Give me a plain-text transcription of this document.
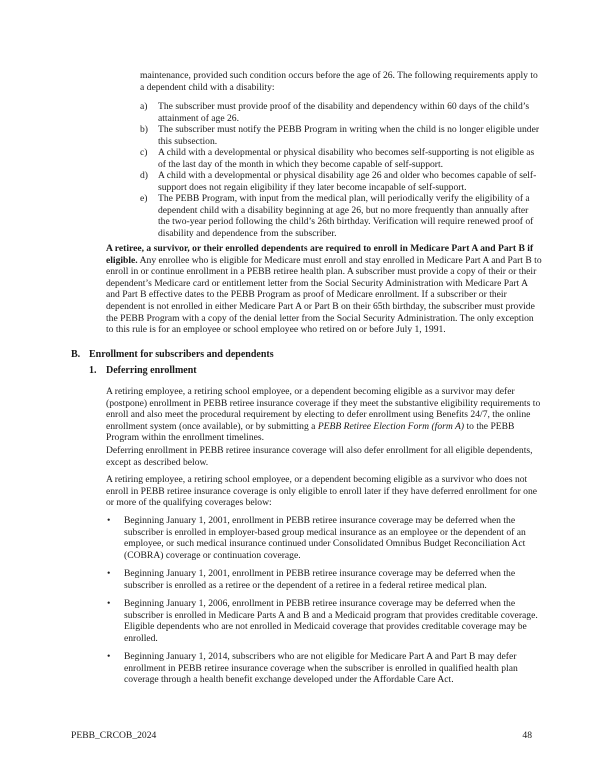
maintenance, provided such condition occurs before the age of 26. The following requirements apply to a dependent child with a disability:

a) The subscriber must provide proof of the disability and dependency within 60 days of the child’s attainment of age 26.
b) The subscriber must notify the PEBB Program in writing when the child is no longer eligible under this subsection.
c) A child with a developmental or physical disability who becomes self-supporting is not eligible as of the last day of the month in which they become capable of self-support.
d) A child with a developmental or physical disability age 26 and older who becomes capable of self-support does not regain eligibility if they later become incapable of self-support.
e) The PEBB Program, with input from the medical plan, will periodically verify the eligibility of a dependent child with a disability beginning at age 26, but no more frequently than annually after the two-year period following the child’s 26th birthday. Verification will require renewed proof of disability and dependence from the subscriber.

A retiree, a survivor, or their enrolled dependents are required to enroll in Medicare Part A and Part B if eligible. Any enrollee who is eligible for Medicare must enroll and stay enrolled in Medicare Part A and Part B to enroll in or continue enrollment in a PEBB retiree health plan. A subscriber must provide a copy of their or their dependent’s Medicare card or entitlement letter from the Social Security Administration with Medicare Part A and Part B effective dates to the PEBB Program as proof of Medicare enrollment. If a subscriber or their dependent is not enrolled in either Medicare Part A or Part B on their 65th birthday, the subscriber must provide the PEBB Program with a copy of the denial letter from the Social Security Administration. The only exception to this rule is for an employee or school employee who retired on or before July 1, 1991.

B. Enrollment for subscribers and dependents
1. Deferring enrollment

A retiring employee, a retiring school employee, or a dependent becoming eligible as a survivor may defer (postpone) enrollment in PEBB retiree insurance coverage if they meet the substantive eligibility requirements to enroll and also meet the procedural requirement by electing to defer enrollment using Benefits 24/7, the online enrollment system (once available), or by submitting a PEBB Retiree Election Form (form A) to the PEBB Program within the enrollment timelines.

Deferring enrollment in PEBB retiree insurance coverage will also defer enrollment for all eligible dependents, except as described below.

A retiring employee, a retiring school employee, or a dependent becoming eligible as a survivor who does not enroll in PEBB retiree insurance coverage is only eligible to enroll later if they have deferred enrollment for one or more of the qualifying coverages below:

• Beginning January 1, 2001, enrollment in PEBB retiree insurance coverage may be deferred when the subscriber is enrolled in employer-based group medical insurance as an employee or the dependent of an employee, or such medical insurance continued under Consolidated Omnibus Budget Reconciliation Act (COBRA) coverage or continuation coverage.
• Beginning January 1, 2001, enrollment in PEBB retiree insurance coverage may be deferred when the subscriber is enrolled as a retiree or the dependent of a retiree in a federal retiree medical plan.
• Beginning January 1, 2006, enrollment in PEBB retiree insurance coverage may be deferred when the subscriber is enrolled in Medicare Parts A and B and a Medicaid program that provides creditable coverage. Eligible dependents who are not enrolled in Medicaid coverage that provides creditable coverage may be enrolled.
• Beginning January 1, 2014, subscribers who are not eligible for Medicare Part A and Part B may defer enrollment in PEBB retiree insurance coverage when the subscriber is enrolled in qualified health plan coverage through a health benefit exchange developed under the Affordable Care Act.
PEBB_CRCOB_2024	48
